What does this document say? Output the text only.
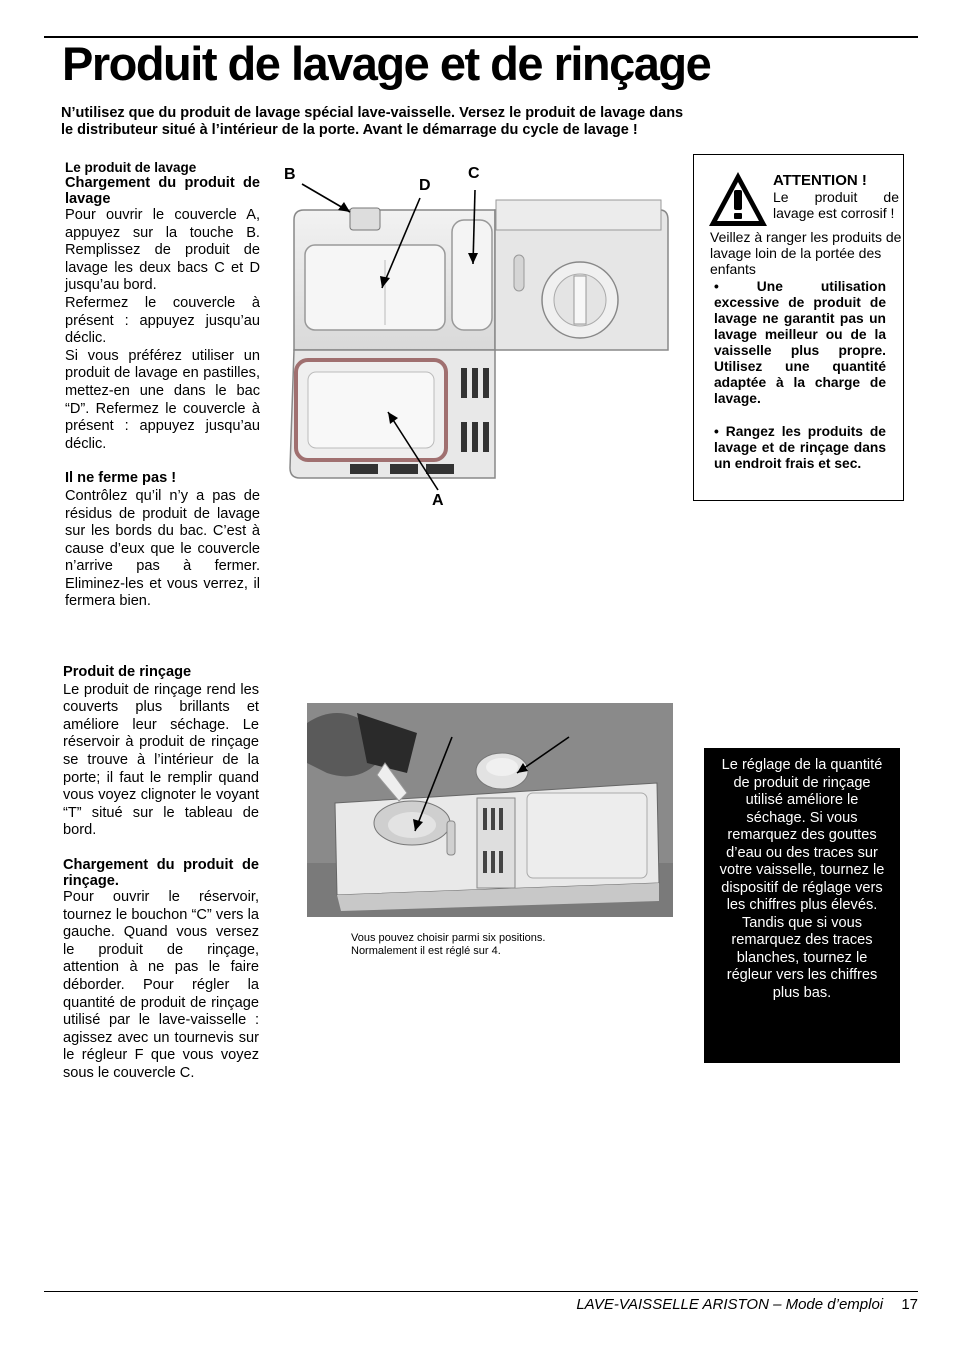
Produit de lavage et de rinçage

N’utilisez que du produit de lavage spécial lave-vaisselle. Versez le produit de lavage dans le distributeur situé à l’intérieur de la porte. Avant le démarrage du cycle de lavage !

Le produit de lavage
Chargement du produit de lavage

Pour ouvrir le couvercle A, appuyez sur la touche B. Remplissez de produit de lavage les deux bacs C et D jusqu’au bord.

Refermez le couvercle à présent : appuyez jusqu’au déclic.

Si vous préférez utiliser un produit de lavage en pastilles, mettez-en une dans le bac “D”. Refermez le couvercle à présent : appuyez jusqu’au déclic.

Il ne ferme pas !

Contrôlez qu’il n’y a pas de résidus de produit de lavage sur les bords du bac. C’est à cause d’eux que le couvercle n’arrive pas à fermer. Eliminez-les et vous verrez, il fermera bien.

Produit de rinçage

Le produit de rinçage rend les couverts plus brillants et améliore leur séchage. Le réservoir à produit de rinçage se trouve à l’intérieur de la porte; il faut le remplir quand vous voyez clignoter le voyant “T” situé sur le tableau de bord.

Chargement du produit de rinçage.

Pour ouvrir le réservoir, tournez le bouchon “C” vers la gauche. Quand vous versez le produit de rinçage, attention à ne pas le faire déborder. Pour régler la quantité de produit de rinçage utilisé par le lave-vaisselle : agissez avec un tournevis sur le régleur F que vous voyez sous le couvercle C.

B
D
C
A
ATTENTION !
Le produit de lavage est corrosif !
Veillez à ranger les produits de lavage loin de la portée des enfants
• Une utilisation excessive de produit de lavage ne garantit pas un lavage meilleur ou de la vaisselle plus propre. Utilisez une quantité adaptée à la charge de lavage.
• Rangez les produits de lavage et de rinçage dans un endroit frais et sec.
Vous pouvez choisir parmi six positions. Normalement il est réglé sur 4.
Le réglage de la quantité de produit de rinçage utilisé améliore le séchage. Si vous remarquez des gouttes d’eau ou des traces sur votre vaisselle, tournez le dispositif de réglage vers les chiffres plus élevés.
Tandis que si vous remarquez des traces blanches, tournez le régleur vers les chiffres plus bas.
LAVE-VAISSELLE ARISTON – Mode d’emploi 17
